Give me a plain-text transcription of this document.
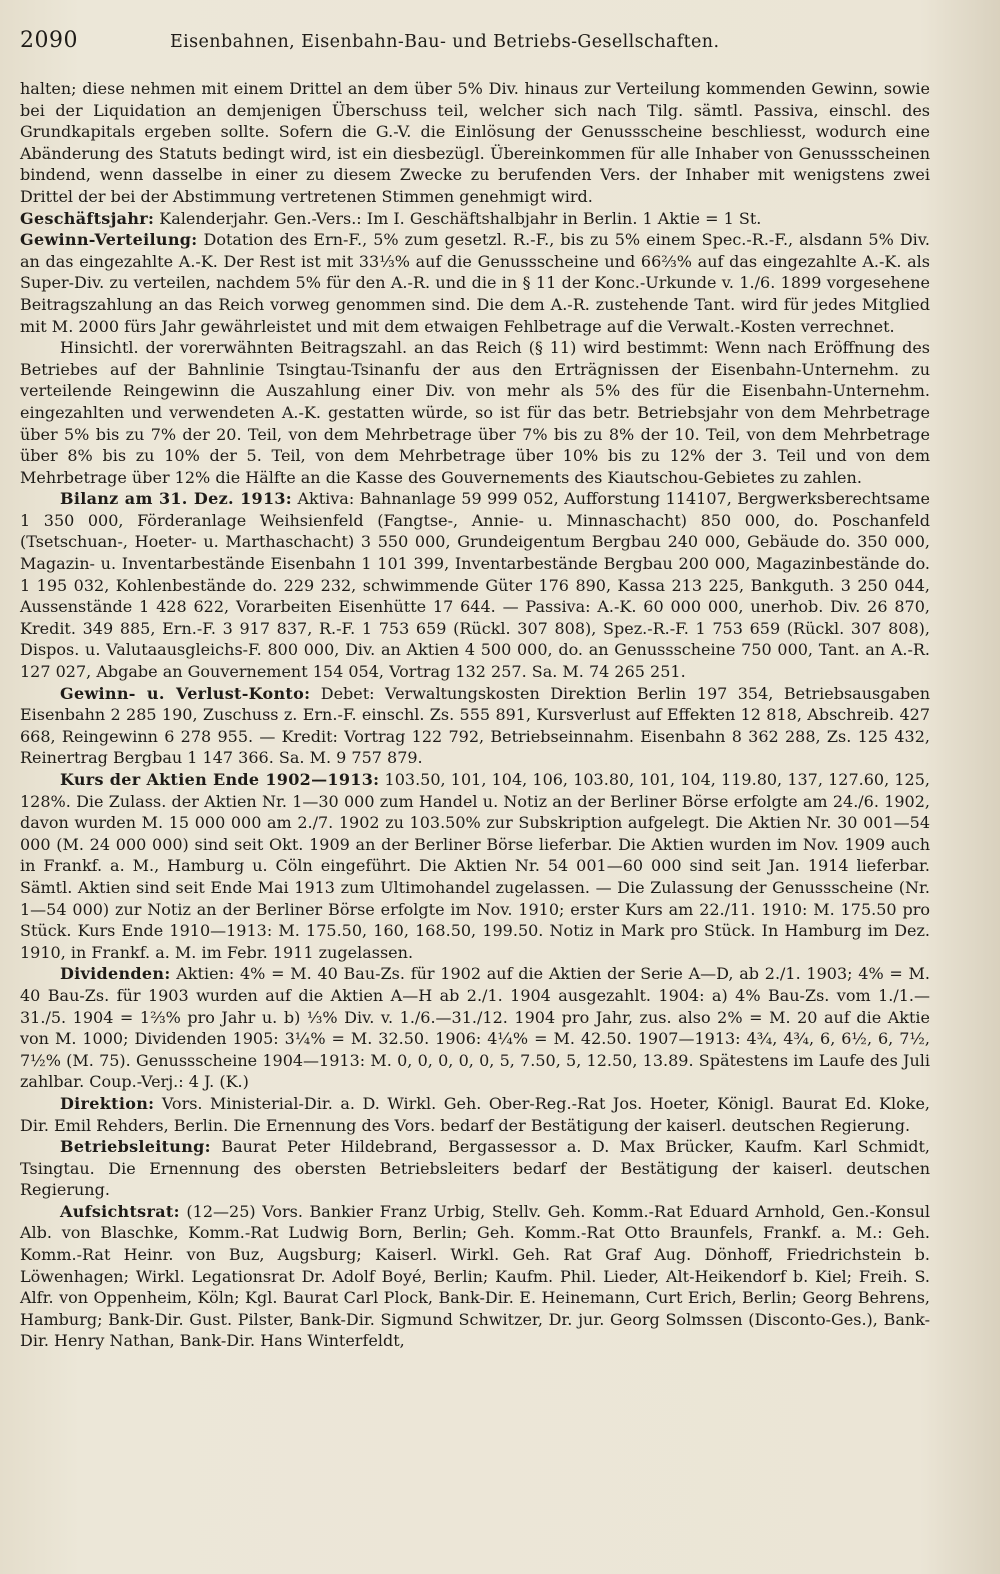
2090	Eisenbahnen, Eisenbahn-Bau- und Betriebs-Gesellschaften.

halten; diese nehmen mit einem Drittel an dem über 5% Div. hinaus zur Verteilung kommenden Gewinn, sowie bei der Liquidation an demjenigen Überschuss teil, welcher sich nach Tilg. sämtl. Passiva, einschl. des Grundkapitals ergeben sollte. Sofern die G.-V. die Einlösung der Genussscheine beschliesst, wodurch eine Abänderung des Statuts bedingt wird, ist ein diesbezügl. Übereinkommen für alle Inhaber von Genussscheinen bindend, wenn dasselbe in einer zu diesem Zwecke zu berufenden Vers. der Inhaber mit wenigstens zwei Drittel der bei der Abstimmung vertretenen Stimmen genehmigt wird.

Geschäftsjahr: Kalenderjahr. Gen.-Vers.: Im I. Geschäftshalbjahr in Berlin. 1 Aktie = 1 St.

Gewinn-Verteilung: Dotation des Ern-F., 5% zum gesetzl. R.-F., bis zu 5% einem Spec.-R.-F., alsdann 5% Div. an das eingezahlte A.-K. Der Rest ist mit 33⅓% auf die Genussscheine und 66⅔% auf das eingezahlte A.-K. als Super-Div. zu verteilen, nachdem 5% für den A.-R. und die in § 11 der Konc.-Urkunde v. 1./6. 1899 vorgesehene Beitragszahlung an das Reich vorweg genommen sind. Die dem A.-R. zustehende Tant. wird für jedes Mitglied mit M. 2000 fürs Jahr gewährleistet und mit dem etwaigen Fehlbetrage auf die Verwalt.-Kosten verrechnet.

Hinsichtl. der vorerwähnten Beitragszahl. an das Reich (§ 11) wird bestimmt: Wenn nach Eröffnung des Betriebes auf der Bahnlinie Tsingtau-Tsinanfu der aus den Erträgnissen der Eisenbahn-Unternehm. zu verteilende Reingewinn die Auszahlung einer Div. von mehr als 5% des für die Eisenbahn-Unternehm. eingezahlten und verwendeten A.-K. gestatten würde, so ist für das betr. Betriebsjahr von dem Mehrbetrage über 5% bis zu 7% der 20. Teil, von dem Mehrbetrage über 7% bis zu 8% der 10. Teil, von dem Mehrbetrage über 8% bis zu 10% der 5. Teil, von dem Mehrbetrage über 10% bis zu 12% der 3. Teil und von dem Mehrbetrage über 12% die Hälfte an die Kasse des Gouvernements des Kiautschou-Gebietes zu zahlen.

Bilanz am 31. Dez. 1913: Aktiva: Bahnanlage 59 999 052, Aufforstung 114107, Bergwerksberechtsame 1 350 000, Förderanlage Weihsienfeld (Fangtse-, Annie- u. Minnaschacht) 850 000, do. Poschanfeld (Tsetschuan-, Hoeter- u. Marthaschacht) 3 550 000, Grundeigentum Bergbau 240 000, Gebäude do. 350 000, Magazin- u. Inventarbestände Eisenbahn 1 101 399, Inventarbestände Bergbau 200 000, Magazinbestände do. 1 195 032, Kohlenbestände do. 229 232, schwimmende Güter 176 890, Kassa 213 225, Bankguth. 3 250 044, Aussenstände 1 428 622, Vorarbeiten Eisenhütte 17 644. — Passiva: A.-K. 60 000 000, unerhob. Div. 26 870, Kredit. 349 885, Ern.-F. 3 917 837, R.-F. 1 753 659 (Rückl. 307 808), Spez.-R.-F. 1 753 659 (Rückl. 307 808), Dispos. u. Valutaausgleichs-F. 800 000, Div. an Aktien 4 500 000, do. an Genussscheine 750 000, Tant. an A.-R. 127 027, Abgabe an Gouvernement 154 054, Vortrag 132 257. Sa. M. 74 265 251.

Gewinn- u. Verlust-Konto: Debet: Verwaltungskosten Direktion Berlin 197 354, Betriebsausgaben Eisenbahn 2 285 190, Zuschuss z. Ern.-F. einschl. Zs. 555 891, Kursverlust auf Effekten 12 818, Abschreib. 427 668, Reingewinn 6 278 955. — Kredit: Vortrag 122 792, Betriebseinnahm. Eisenbahn 8 362 288, Zs. 125 432, Reinertrag Bergbau 1 147 366. Sa. M. 9 757 879.

Kurs der Aktien Ende 1902—1913: 103.50, 101, 104, 106, 103.80, 101, 104, 119.80, 137, 127.60, 125, 128%. Die Zulass. der Aktien Nr. 1—30 000 zum Handel u. Notiz an der Berliner Börse erfolgte am 24./6. 1902, davon wurden M. 15 000 000 am 2./7. 1902 zu 103.50% zur Subskription aufgelegt. Die Aktien Nr. 30 001—54 000 (M. 24 000 000) sind seit Okt. 1909 an der Berliner Börse lieferbar. Die Aktien wurden im Nov. 1909 auch in Frankf. a. M., Hamburg u. Cöln eingeführt. Die Aktien Nr. 54 001—60 000 sind seit Jan. 1914 lieferbar. Sämtl. Aktien sind seit Ende Mai 1913 zum Ultimohandel zugelassen. — Die Zulassung der Genussscheine (Nr. 1—54 000) zur Notiz an der Berliner Börse erfolgte im Nov. 1910; erster Kurs am 22./11. 1910: M. 175.50 pro Stück. Kurs Ende 1910—1913: M. 175.50, 160, 168.50, 199.50. Notiz in Mark pro Stück. In Hamburg im Dez. 1910, in Frankf. a. M. im Febr. 1911 zugelassen.

Dividenden: Aktien: 4% = M. 40 Bau-Zs. für 1902 auf die Aktien der Serie A—D, ab 2./1. 1903; 4% = M. 40 Bau-Zs. für 1903 wurden auf die Aktien A—H ab 2./1. 1904 ausgezahlt. 1904: a) 4% Bau-Zs. vom 1./1.—31./5. 1904 = 1⅔% pro Jahr u. b) ⅓% Div. v. 1./6.—31./12. 1904 pro Jahr, zus. also 2% = M. 20 auf die Aktie von M. 1000; Dividenden 1905: 3¼% = M. 32.50. 1906: 4¼% = M. 42.50. 1907—1913: 4¾, 4¾, 6, 6½, 6, 7½, 7½% (M. 75). Genussscheine 1904—1913: M. 0, 0, 0, 0, 0, 5, 7.50, 5, 12.50, 13.89. Spätestens im Laufe des Juli zahlbar. Coup.-Verj.: 4 J. (K.)

Direktion: Vors. Ministerial-Dir. a. D. Wirkl. Geh. Ober-Reg.-Rat Jos. Hoeter, Königl. Baurat Ed. Kloke, Dir. Emil Rehders, Berlin. Die Ernennung des Vors. bedarf der Bestätigung der kaiserl. deutschen Regierung.

Betriebsleitung: Baurat Peter Hildebrand, Bergassessor a. D. Max Brücker, Kaufm. Karl Schmidt, Tsingtau. Die Ernennung des obersten Betriebsleiters bedarf der Bestätigung der kaiserl. deutschen Regierung.

Aufsichtsrat: (12—25) Vors. Bankier Franz Urbig, Stellv. Geh. Komm.-Rat Eduard Arnhold, Gen.-Konsul Alb. von Blaschke, Komm.-Rat Ludwig Born, Berlin; Geh. Komm.-Rat Otto Braunfels, Frankf. a. M.: Geh. Komm.-Rat Heinr. von Buz, Augsburg; Kaiserl. Wirkl. Geh. Rat Graf Aug. Dönhoff, Friedrichstein b. Löwenhagen; Wirkl. Legationsrat Dr. Adolf Boyé, Berlin; Kaufm. Phil. Lieder, Alt-Heikendorf b. Kiel; Freih. S. Alfr. von Oppenheim, Köln; Kgl. Baurat Carl Plock, Bank-Dir. E. Heinemann, Curt Erich, Berlin; Georg Behrens, Hamburg; Bank-Dir. Gust. Pilster, Bank-Dir. Sigmund Schwitzer, Dr. jur. Georg Solmssen (Disconto-Ges.), Bank-Dir. Henry Nathan, Bank-Dir. Hans Winterfeldt,
